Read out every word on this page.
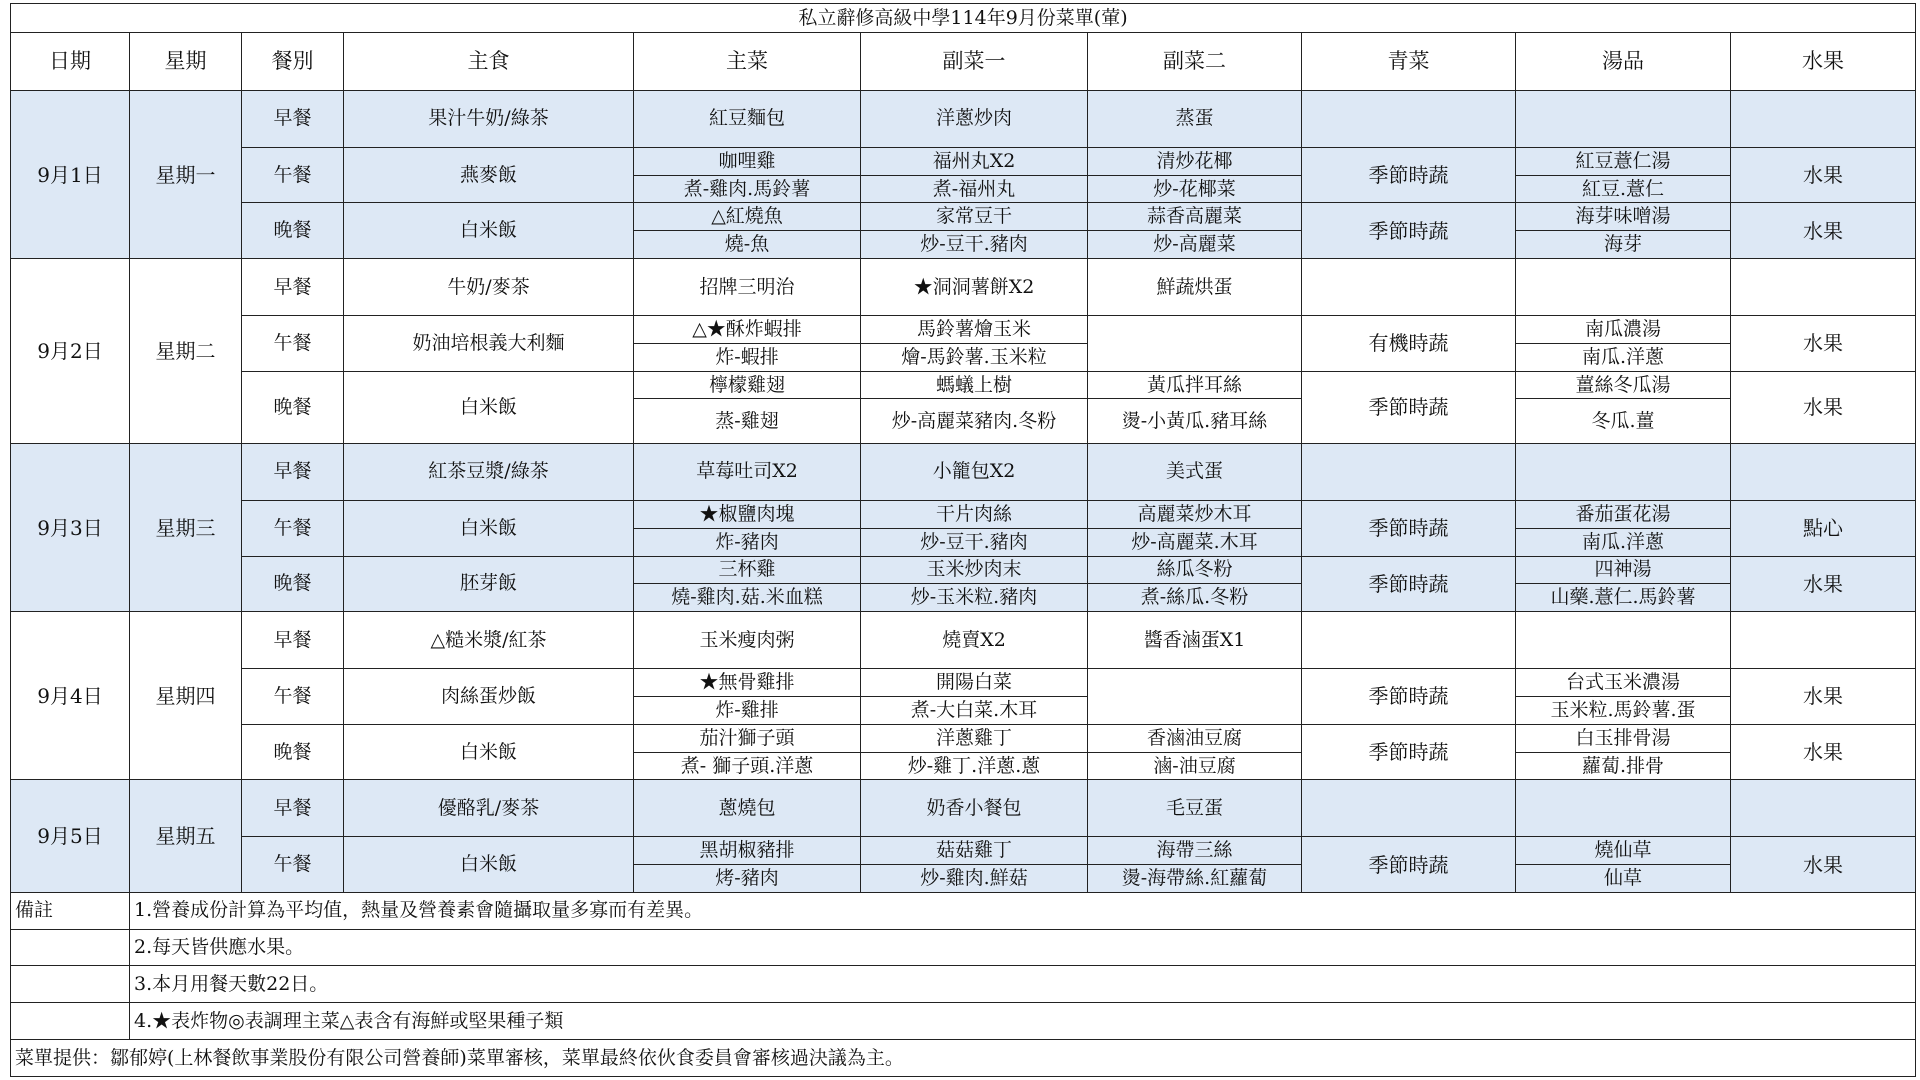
私立辭修高級中學114年9月份菜單(葷)									
日期	星期	餐別	主食	主菜	副菜一	副菜二	青菜	湯品	水果
9月1日	星期一	早餐	果汁牛奶/綠茶	紅豆麵包	洋蔥炒肉	蒸蛋			
		午餐	燕麥飯	咖哩雞	福州丸X2	清炒花椰	季節時蔬	紅豆薏仁湯	水果
				煮-雞肉.馬鈴薯	煮-福州丸	炒-花椰菜		紅豆.薏仁	
		晚餐	白米飯	△紅燒魚	家常豆干	蒜香高麗菜	季節時蔬	海芽味噌湯	水果
				燒-魚	炒-豆干.豬肉	炒-高麗菜		海芽	
9月2日	星期二	早餐	牛奶/麥茶	招牌三明治	★洞洞薯餅X2	鮮蔬烘蛋			
		午餐	奶油培根義大利麵	△★酥炸蝦排	馬鈴薯燴玉米		有機時蔬	南瓜濃湯	水果
				炸-蝦排	燴-馬鈴薯.玉米粒			南瓜.洋蔥	
		晚餐	白米飯	檸檬雞翅	螞蟻上樹	黃瓜拌耳絲	季節時蔬	薑絲冬瓜湯	水果
				蒸-雞翅	炒-高麗菜豬肉.冬粉	燙-小黃瓜.豬耳絲		冬瓜.薑	
9月3日	星期三	早餐	紅茶豆漿/綠茶	草莓吐司X2	小籠包X2	美式蛋			
		午餐	白米飯	★椒鹽肉塊	干片肉絲	高麗菜炒木耳	季節時蔬	番茄蛋花湯	點心
				炸-豬肉	炒-豆干.豬肉	炒-高麗菜.木耳		南瓜.洋蔥	
		晚餐	胚芽飯	三杯雞	玉米炒肉末	絲瓜冬粉	季節時蔬	四神湯	水果
				燒-雞肉.菇.米血糕	炒-玉米粒.豬肉	煮-絲瓜.冬粉		山藥.薏仁.馬鈴薯	
9月4日	星期四	早餐	△糙米漿/紅茶	玉米瘦肉粥	燒賣X2	醬香滷蛋X1			
		午餐	肉絲蛋炒飯	★無骨雞排	開陽白菜		季節時蔬	台式玉米濃湯	水果
				炸-雞排	煮-大白菜.木耳			玉米粒.馬鈴薯.蛋	
		晚餐	白米飯	茄汁獅子頭	洋蔥雞丁	香滷油豆腐	季節時蔬	白玉排骨湯	水果
				煮- 獅子頭.洋蔥	炒-雞丁.洋蔥.蔥	滷-油豆腐		蘿蔔.排骨	
9月5日	星期五	早餐	優酪乳/麥茶	蔥燒包	奶香小餐包	毛豆蛋			
		午餐	白米飯	黑胡椒豬排	菇菇雞丁	海帶三絲	季節時蔬	燒仙草	水果
				烤-豬肉	炒-雞肉.鮮菇	燙-海帶絲.紅蘿蔔		仙草	
備註	1.營養成份計算為平均值，熱量及營養素會隨攝取量多寡而有差異。								
	2.每天皆供應水果。								
	3.本月用餐天數22日。								
	4.★表炸物◎表調理主菜△表含有海鮮或堅果種子類								
菜單提供：鄒郁婷(上林餐飲事業股份有限公司營養師)菜單審核，菜單最終依伙食委員會審核過決議為主。									
